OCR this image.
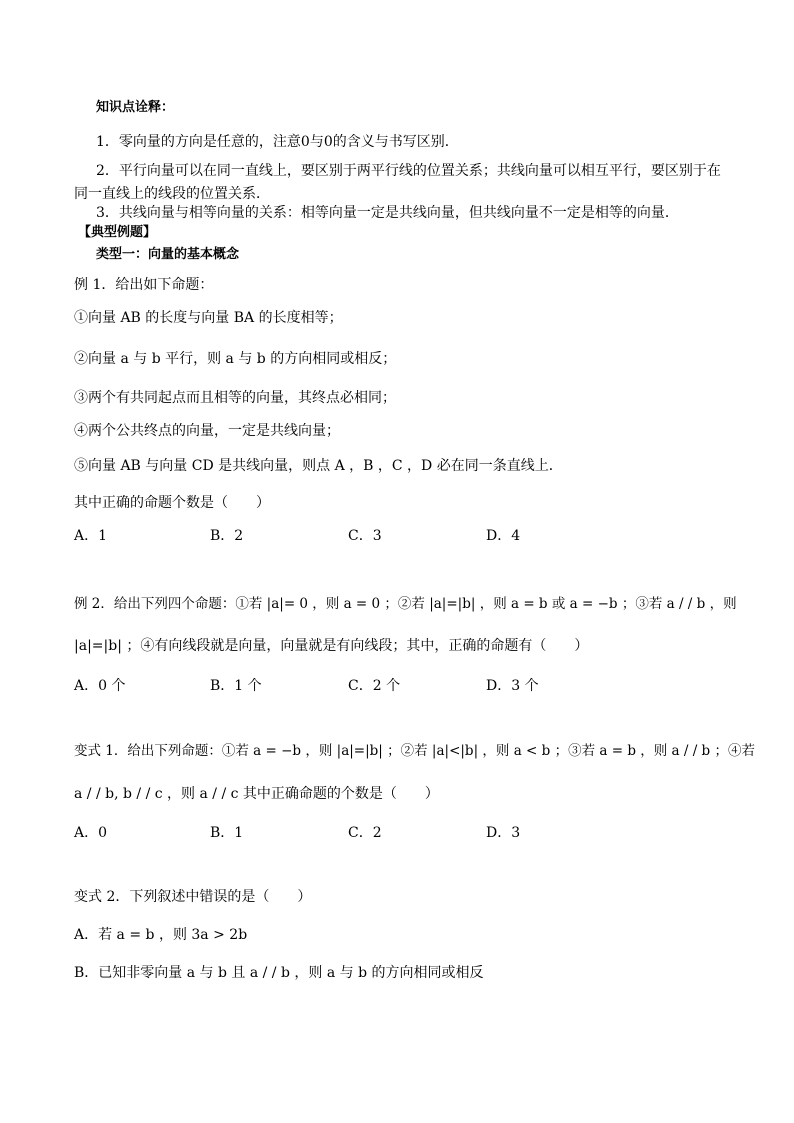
知识点诠释：
1．零向量的方向是任意的，注意0与0的含义与书写区别．
2．平行向量可以在同一直线上，要区别于两平行线的位置关系；共线向量可以相互平行，要区别于在
同一直线上的线段的位置关系．
3．共线向量与相等向量的关系：相等向量一定是共线向量，但共线向量不一定是相等的向量．
【典型例题】
类型一：向量的基本概念
例 1．给出如下命题：
①向量 AB 的长度与向量 BA 的长度相等；
②向量 a 与 b 平行，则 a 与 b 的方向相同或相反；
③两个有共同起点而且相等的向量，其终点必相同；
④两个公共终点的向量，一定是共线向量；
⑤向量 AB 与向量 CD 是共线向量，则点 A ，B ，C ，D 必在同一条直线上．
其中正确的命题个数是（　　）
A．1	B．2	C．3	D．4
例 2．给出下列四个命题：①若 |a|= 0 ，则 a = 0 ；②若 |a|=|b| ，则 a = b 或 a = −b ；③若 a / / b ，则
|a|=|b| ；④有向线段就是向量，向量就是有向线段；其中，正确的命题有（　　）
A．0 个	B．1 个	C．2 个	D．3 个
变式 1．给出下列命题：①若 a = −b ，则 |a|=|b| ；②若 |a|<|b| ，则 a < b ；③若 a = b ，则 a / / b ；④若
a / / b, b / / c ，则 a / / c 其中正确命题的个数是（　　）
A．0	B．1	C．2	D．3
变式 2．下列叙述中错误的是（　　）
A．若 a = b ，则 3a > 2b
B．已知非零向量 a 与 b 且 a / / b ，则 a 与 b 的方向相同或相反
